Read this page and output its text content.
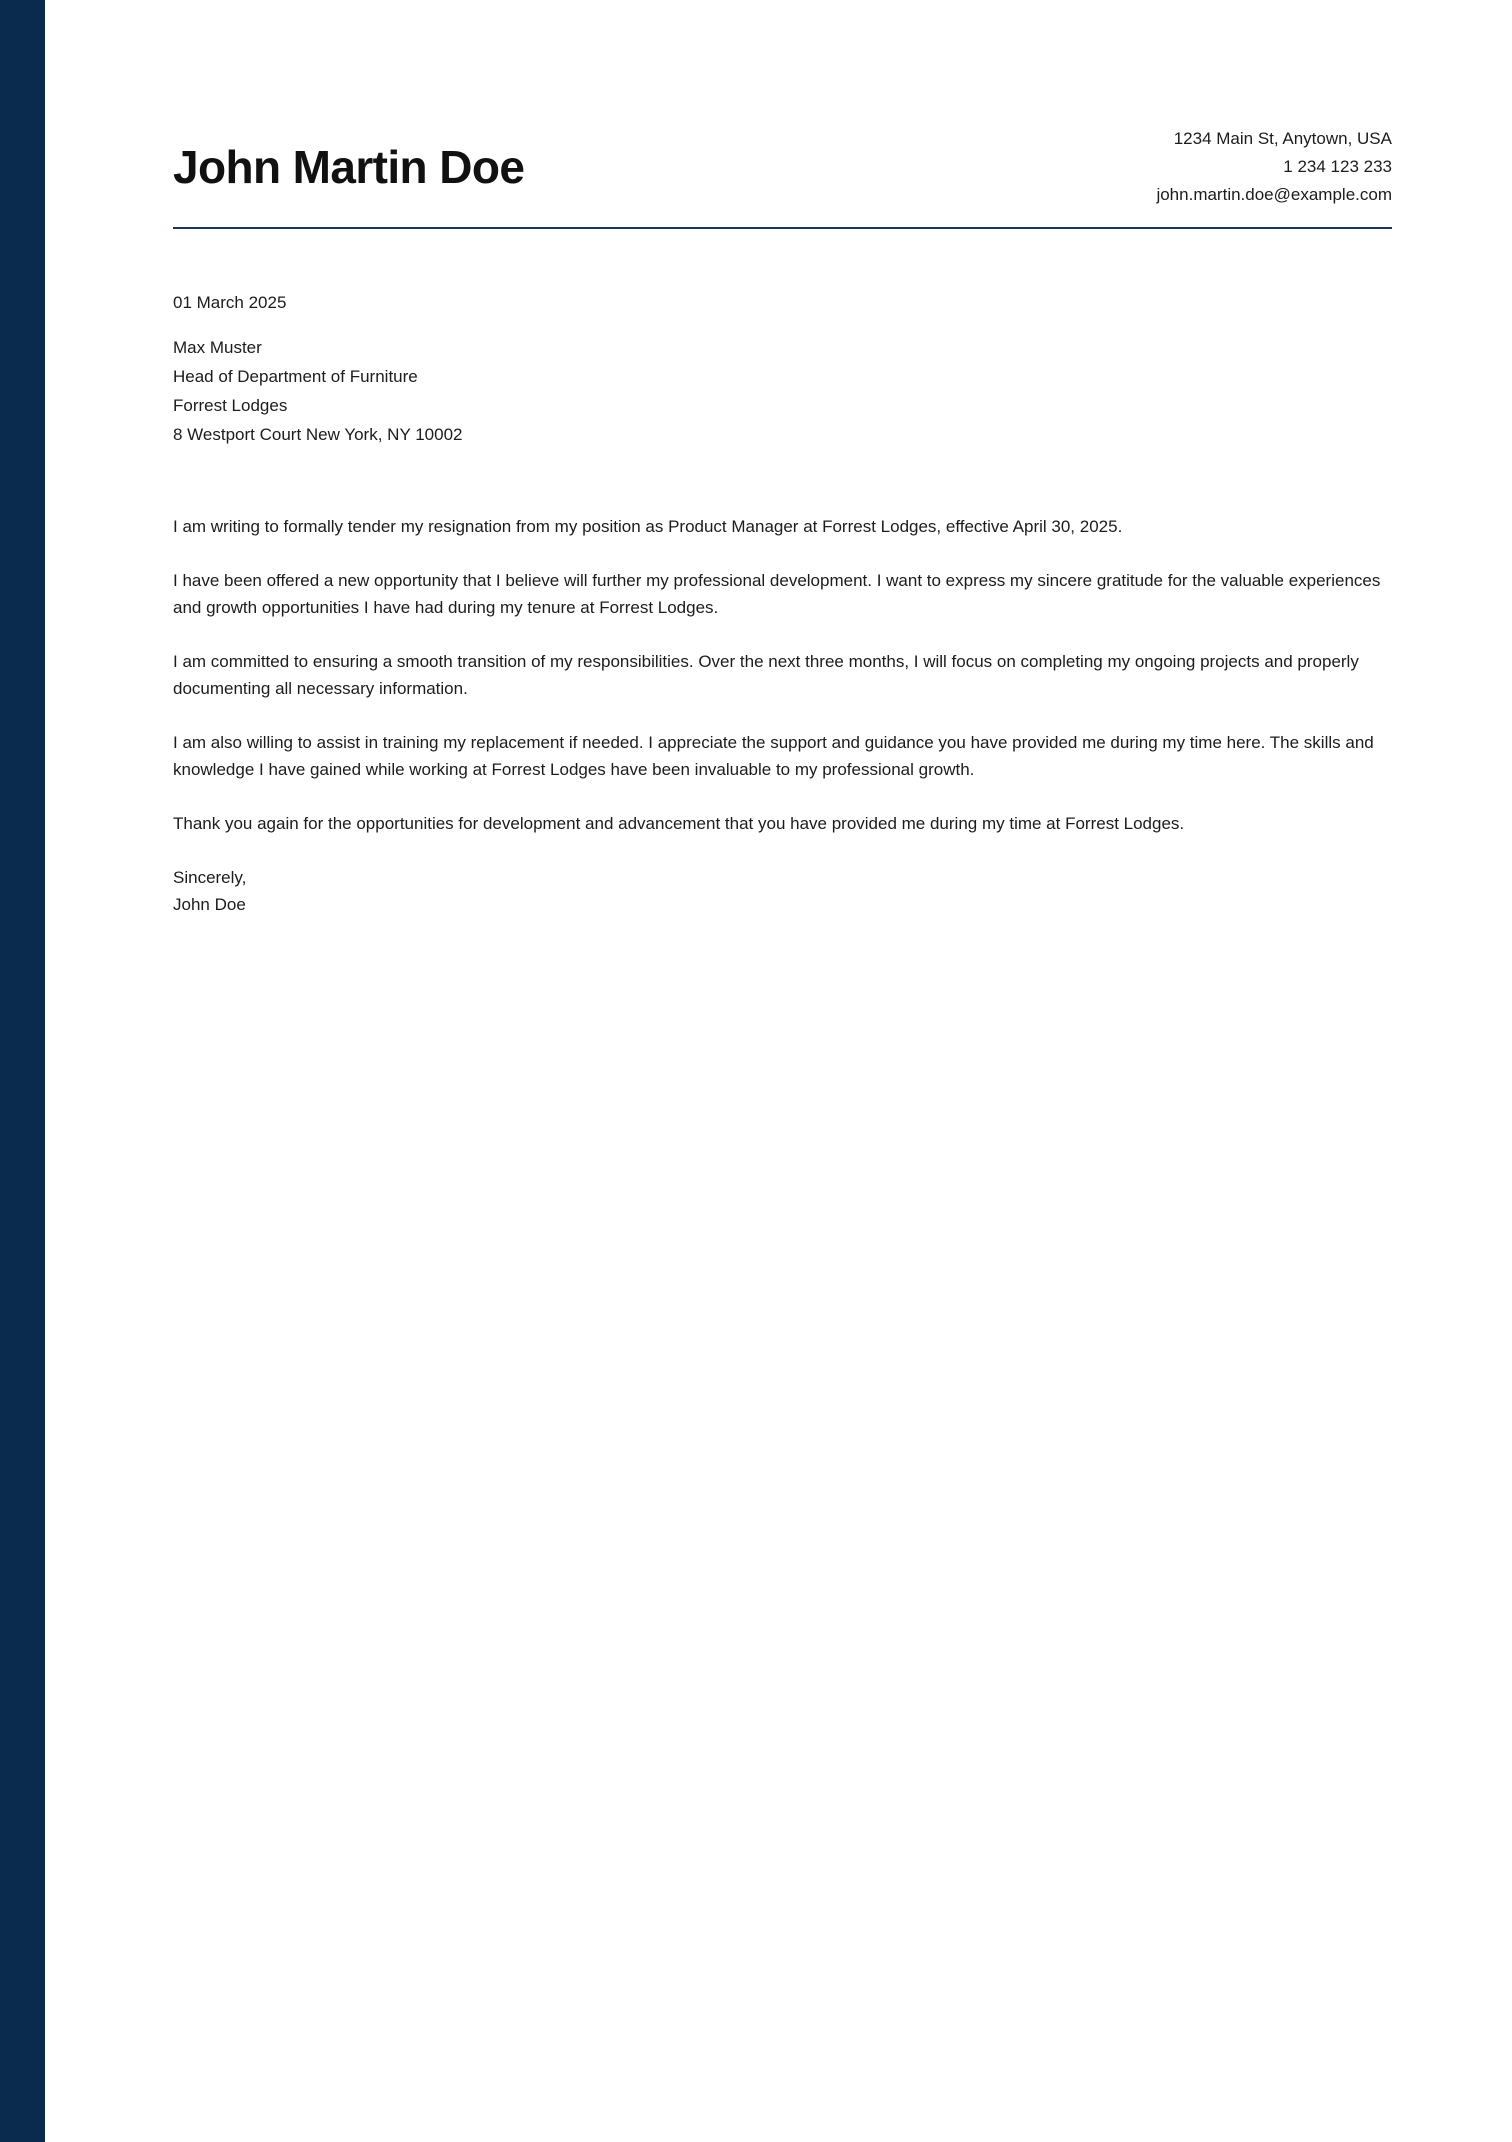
John Martin Doe
1234 Main St, Anytown, USA
1 234 123 233
john.martin.doe@example.com

01 March 2025

Max Muster
Head of Department of Furniture
Forrest Lodges
8 Westport Court New York, NY 10002

I am writing to formally tender my resignation from my position as Product Manager at Forrest Lodges, effective April 30, 2025.

I have been offered a new opportunity that I believe will further my professional development. I want to express my sincere gratitude for the valuable experiences and growth opportunities I have had during my tenure at Forrest Lodges.

I am committed to ensuring a smooth transition of my responsibilities. Over the next three months, I will focus on completing my ongoing projects and properly documenting all necessary information.

I am also willing to assist in training my replacement if needed. I appreciate the support and guidance you have provided me during my time here. The skills and knowledge I have gained while working at Forrest Lodges have been invaluable to my professional growth.

Thank you again for the opportunities for development and advancement that you have provided me during my time at Forrest Lodges.

Sincerely,
John Doe
